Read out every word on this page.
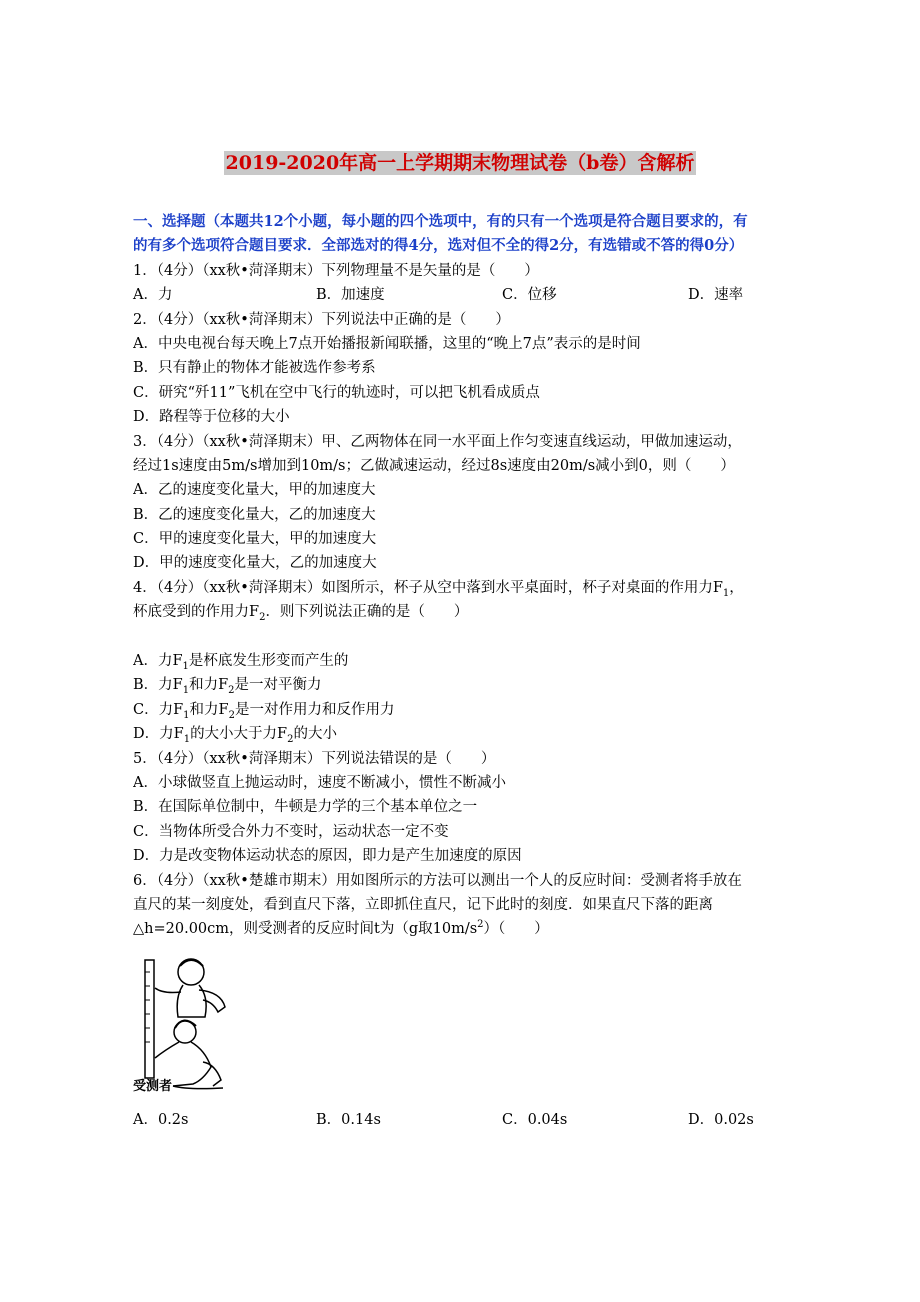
2019-2020年高一上学期期末物理试卷（b卷）含解析
一、选择题（本题共12个小题，每小题的四个选项中，有的只有一个选项是符合题目要求的，有
的有多个选项符合题目要求．全部选对的得4分，选对但不全的得2分，有选错或不答的得0分）
1．（4分）（xx秋•菏泽期末）下列物理量不是矢量的是（　　）
A．力	B．加速度	C．位移	D．速率
2．（4分）（xx秋•菏泽期末）下列说法中正确的是（　　）
A．中央电视台每天晚上7点开始播报新闻联播，这里的“晚上7点”表示的是时间
B．只有静止的物体才能被选作参考系
C．研究“歼11”飞机在空中飞行的轨迹时，可以把飞机看成质点
D．路程等于位移的大小
3．（4分）（xx秋•菏泽期末）甲、乙两物体在同一水平面上作匀变速直线运动，甲做加速运动，
经过1s速度由5m/s增加到10m/s；乙做减速运动，经过8s速度由20m/s减小到0，则（　　）
A．乙的速度变化量大，甲的加速度大
B．乙的速度变化量大，乙的加速度大
C．甲的速度变化量大，甲的加速度大
D．甲的速度变化量大，乙的加速度大
4．（4分）（xx秋•菏泽期末）如图所示，杯子从空中落到水平桌面时，杯子对桌面的作用力$F_1$，
杯底受到的作用力$F_2$．则下列说法正确的是（　　）
A．力$F_1$是杯底发生形变而产生的
B．力$F_1$和力$F_2$是一对平衡力
C．力$F_1$和力$F_2$是一对作用力和反作用力
D．力$F_1$的大小大于力$F_2$的大小
5．（4分）（xx秋•菏泽期末）下列说法错误的是（　　）
A．小球做竖直上抛运动时，速度不断减小，惯性不断减小
B．在国际单位制中，牛顿是力学的三个基本单位之一
C．当物体所受合外力不变时，运动状态一定不变
D．力是改变物体运动状态的原因，即力是产生加速度的原因
6．（4分）（xx秋•楚雄市期末）用如图所示的方法可以测出一个人的反应时间：受测者将手放在
直尺的某一刻度处，看到直尺下落，立即抓住直尺，记下此时的刻度．如果直尺下落的距离
△h=20.00cm，则受测者的反应时间t为（g取$10m/s^2$）（　　）
受测者
A．0.2s	B．0.14s	C．0.04s	D．0.02s
